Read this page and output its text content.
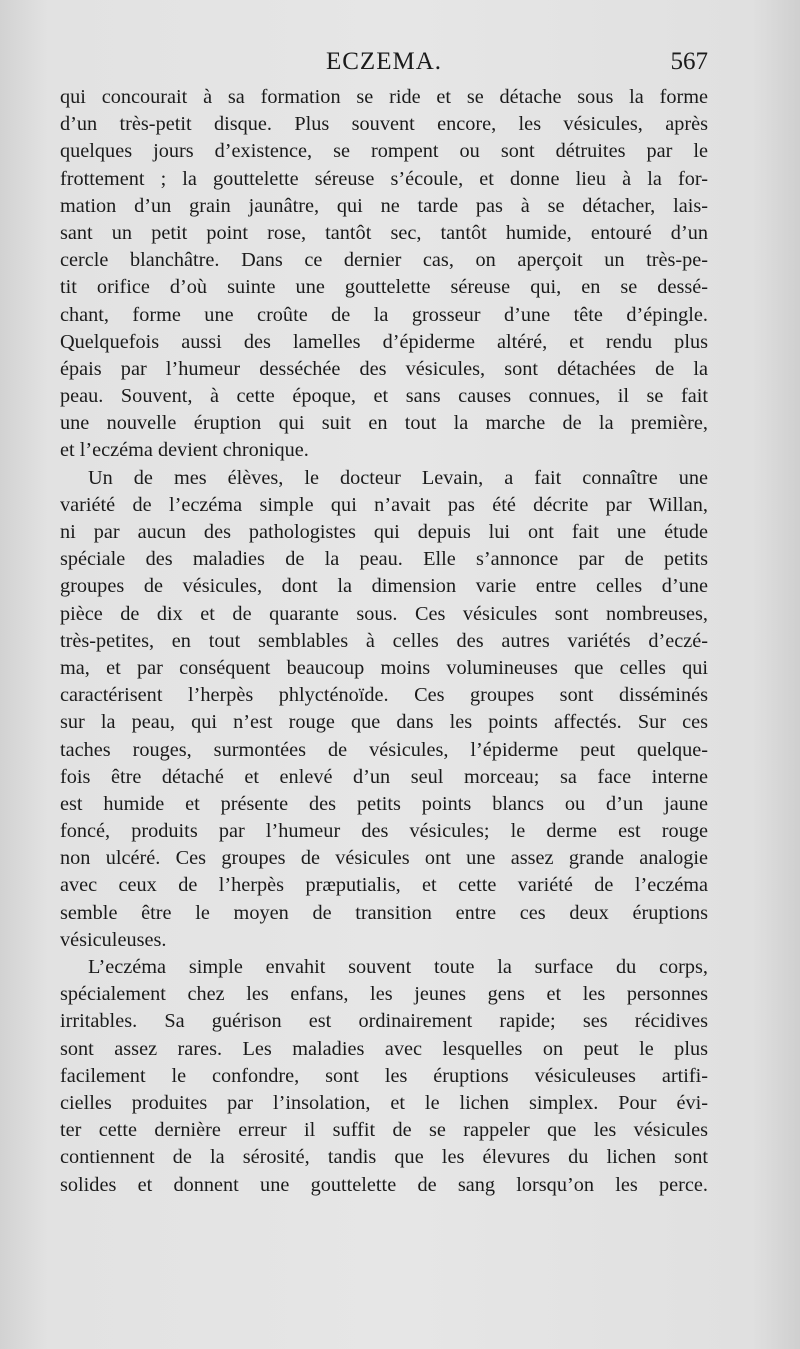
ECZEMA.	567
qui concourait à sa formation se ride et se détache sous la forme
d’un très-petit disque. Plus souvent encore, les vésicules, après
quelques jours d’existence, se rompent ou sont détruites par le
frottement ; la gouttelette séreuse s’écoule, et donne lieu à la for-
mation d’un grain jaunâtre, qui ne tarde pas à se détacher, lais-
sant un petit point rose, tantôt sec, tantôt humide, entouré d’un
cercle blanchâtre. Dans ce dernier cas, on aperçoit un très-pe-
tit orifice d’où suinte une gouttelette séreuse qui, en se dessé-
chant, forme une croûte de la grosseur d’une tête d’épingle.
Quelquefois aussi des lamelles d’épiderme altéré, et rendu plus
épais par l’humeur desséchée des vésicules, sont détachées de la
peau. Souvent, à cette époque, et sans causes connues, il se fait
une nouvelle éruption qui suit en tout la marche de la première,
et l’eczéma devient chronique.
Un de mes élèves, le docteur Levain, a fait connaître une
variété de l’eczéma simple qui n’avait pas été décrite par Willan,
ni par aucun des pathologistes qui depuis lui ont fait une étude
spéciale des maladies de la peau. Elle s’annonce par de petits
groupes de vésicules, dont la dimension varie entre celles d’une
pièce de dix et de quarante sous. Ces vésicules sont nombreuses,
très-petites, en tout semblables à celles des autres variétés d’eczé-
ma, et par conséquent beaucoup moins volumineuses que celles qui
caractérisent l’herpès phlycténoïde. Ces groupes sont disséminés
sur la peau, qui n’est rouge que dans les points affectés. Sur ces
taches rouges, surmontées de vésicules, l’épiderme peut quelque-
fois être détaché et enlevé d’un seul morceau; sa face interne
est humide et présente des petits points blancs ou d’un jaune
foncé, produits par l’humeur des vésicules; le derme est rouge
non ulcéré. Ces groupes de vésicules ont une assez grande analogie
avec ceux de l’herpès præputialis, et cette variété de l’eczéma
semble être le moyen de transition entre ces deux éruptions
vésiculeuses.
L’eczéma simple envahit souvent toute la surface du corps,
spécialement chez les enfans, les jeunes gens et les personnes
irritables. Sa guérison est ordinairement rapide; ses récidives
sont assez rares. Les maladies avec lesquelles on peut le plus
facilement le confondre, sont les éruptions vésiculeuses artifi-
cielles produites par l’insolation, et le lichen simplex. Pour évi-
ter cette dernière erreur il suffit de se rappeler que les vésicules
contiennent de la sérosité, tandis que les élevures du lichen sont
solides et donnent une gouttelette de sang lorsqu’on les perce.
